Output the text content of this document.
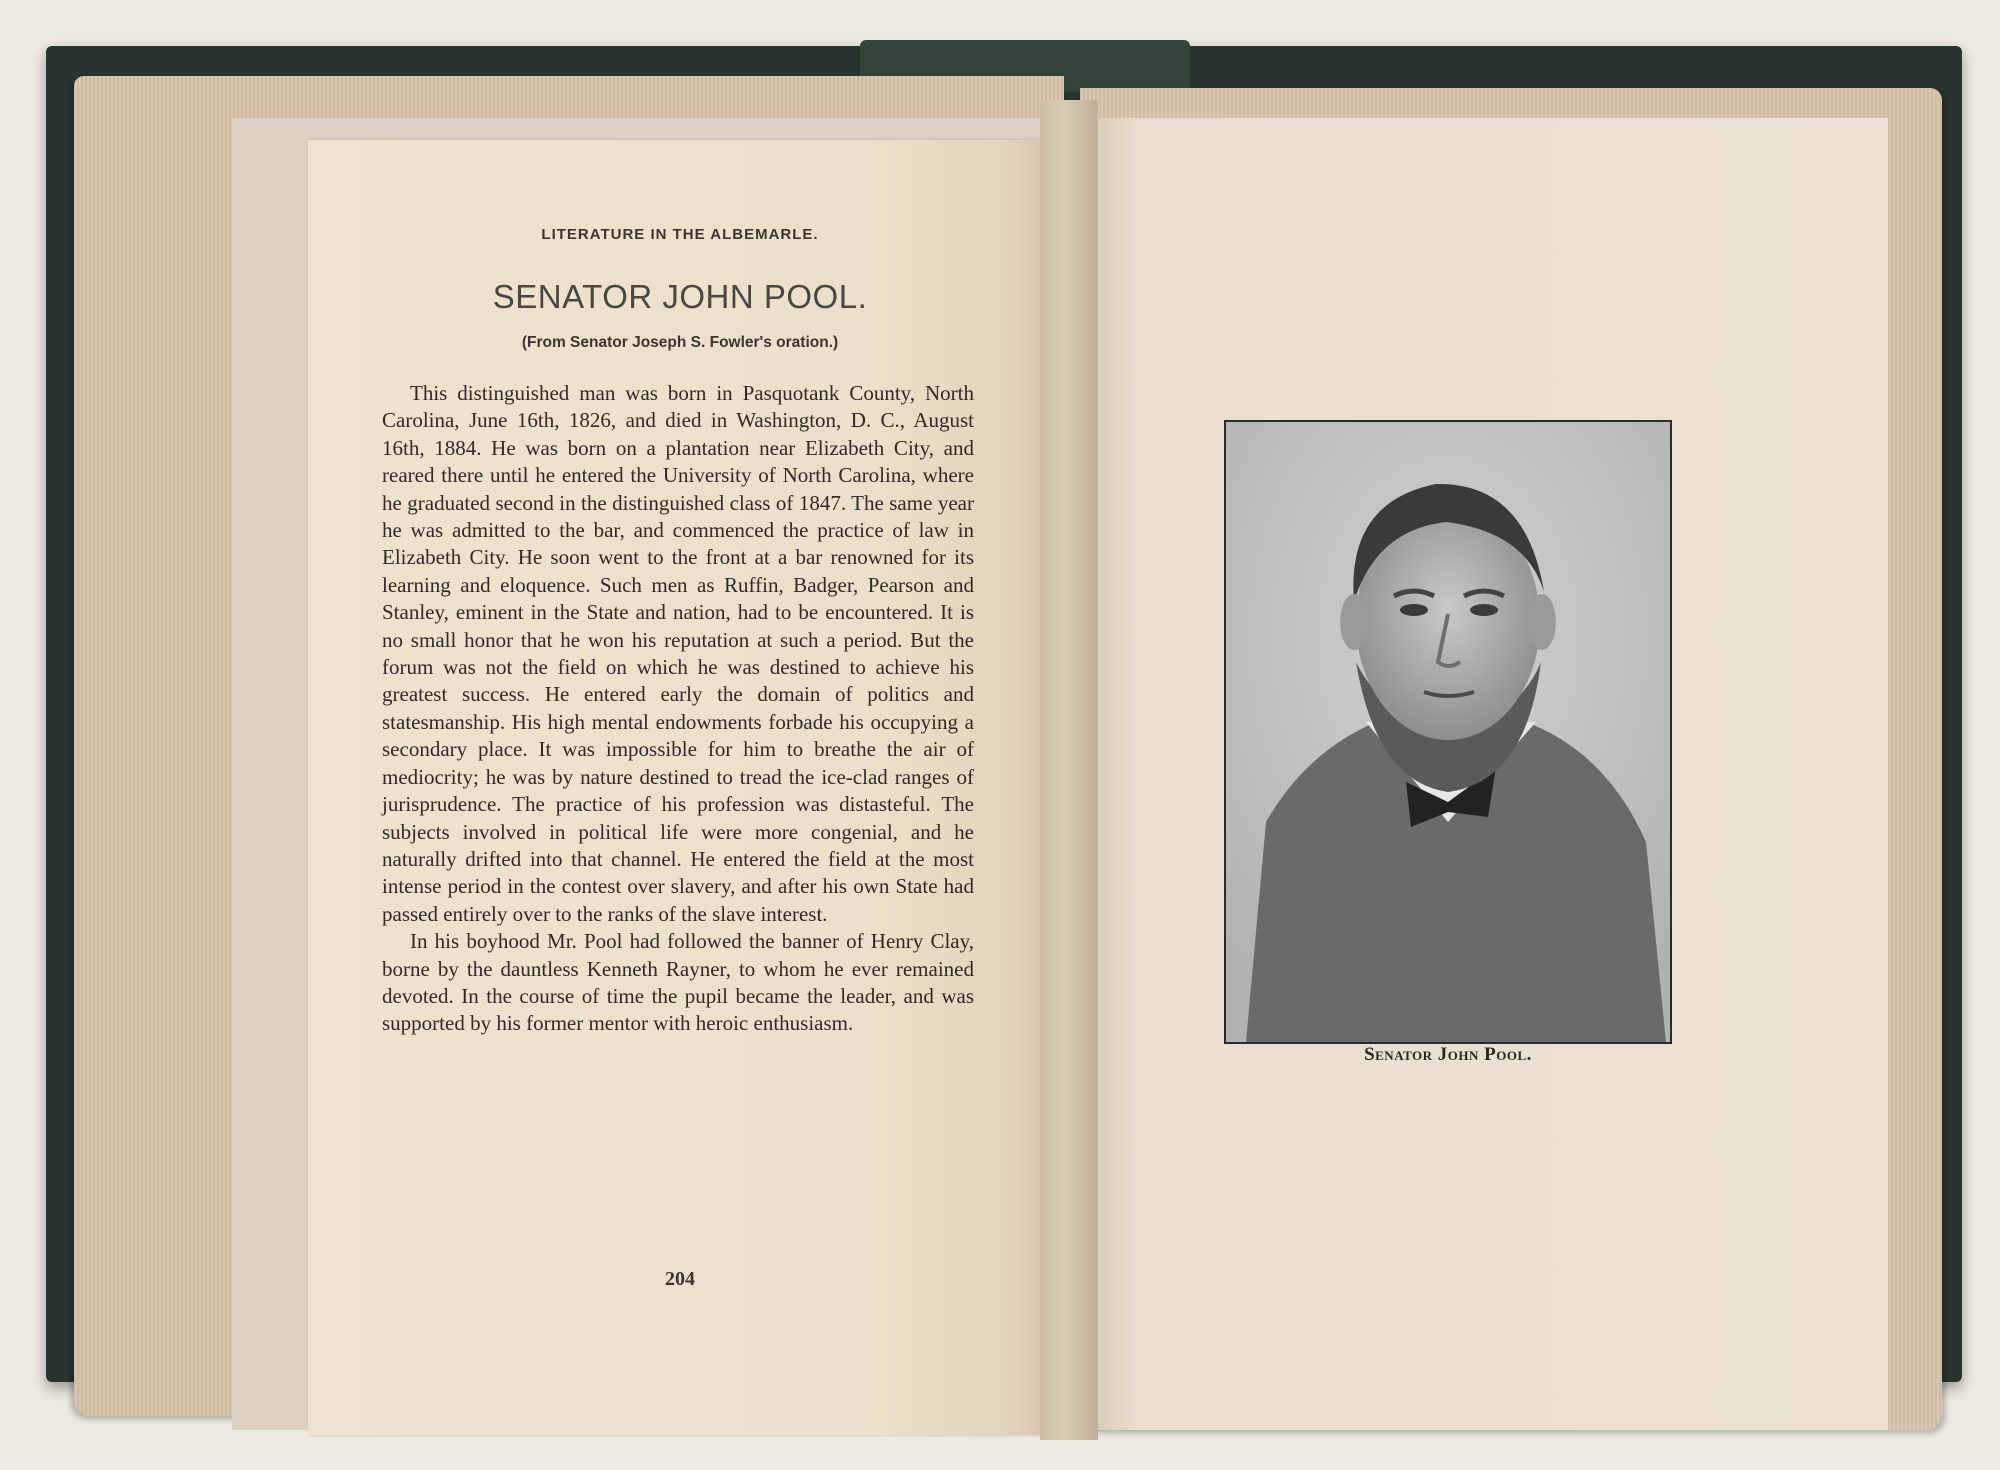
LITERATURE IN THE ALBEMARLE.
SENATOR JOHN POOL.
(From Senator Joseph S. Fowler's oration.)

This distinguished man was born in Pasquotank County, North Carolina, June 16th, 1826, and died in Washington, D. C., August 16th, 1884. He was born on a plantation near Elizabeth City, and reared there until he entered the University of North Carolina, where he graduated second in the distinguished class of 1847. The same year he was admitted to the bar, and commenced the practice of law in Elizabeth City. He soon went to the front at a bar renowned for its learning and eloquence. Such men as Ruffin, Badger, Pearson and Stanley, eminent in the State and nation, had to be encountered. It is no small honor that he won his reputation at such a period. But the forum was not the field on which he was destined to achieve his greatest success. He entered early the domain of politics and statesmanship. His high mental endowments forbade his occupying a secondary place. It was impossible for him to breathe the air of mediocrity; he was by nature destined to tread the ice-clad ranges of jurisprudence. The practice of his profession was distasteful. The subjects involved in political life were more congenial, and he naturally drifted into that channel. He entered the field at the most intense period in the contest over slavery, and after his own State had passed entirely over to the ranks of the slave interest.

In his boyhood Mr. Pool had followed the banner of Henry Clay, borne by the dauntless Kenneth Rayner, to whom he ever remained devoted. In the course of time the pupil became the leader, and was supported by his former mentor with heroic enthusiasm.

204
Senator John Pool.
